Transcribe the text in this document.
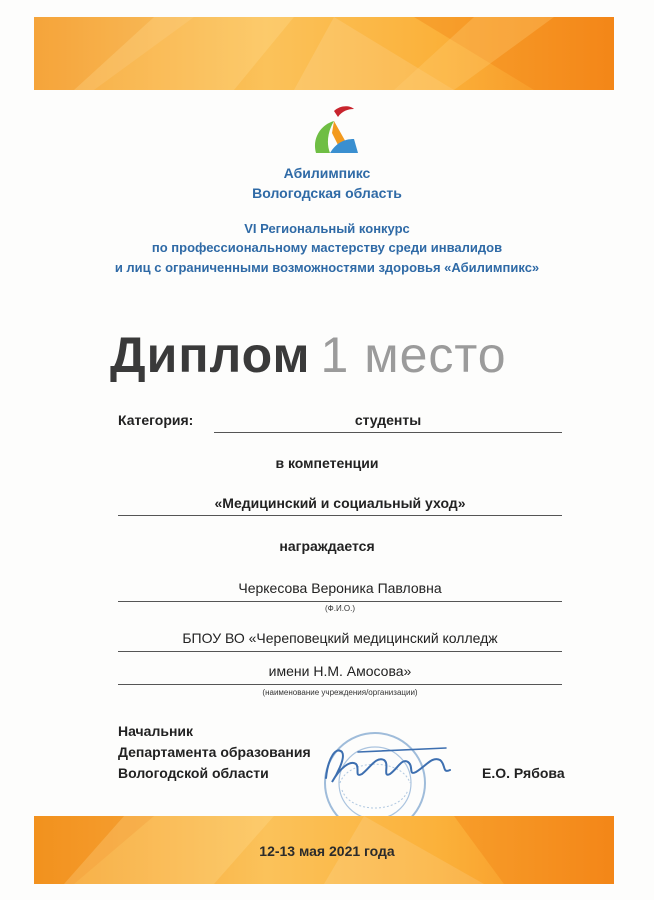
Абилимпикс
Вологодская область
VI Региональный конкурс
по профессиональному мастерству среди инвалидов
и лиц с ограниченными возможностями здоровья «Абилимпикс»
Диплом 1 место
Категория:	студенты
в компетенции
«Медицинский и социальный уход»
награждается
Черкесова Вероника Павловна
(Ф.И.О.)
БПОУ ВО «Череповецкий медицинский колледж
имени Н.М. Амосова»
(наименование учреждения/организации)
Начальник
Департамента образования
Вологодской области	Е.О. Рябова
12-13 мая 2021 года
